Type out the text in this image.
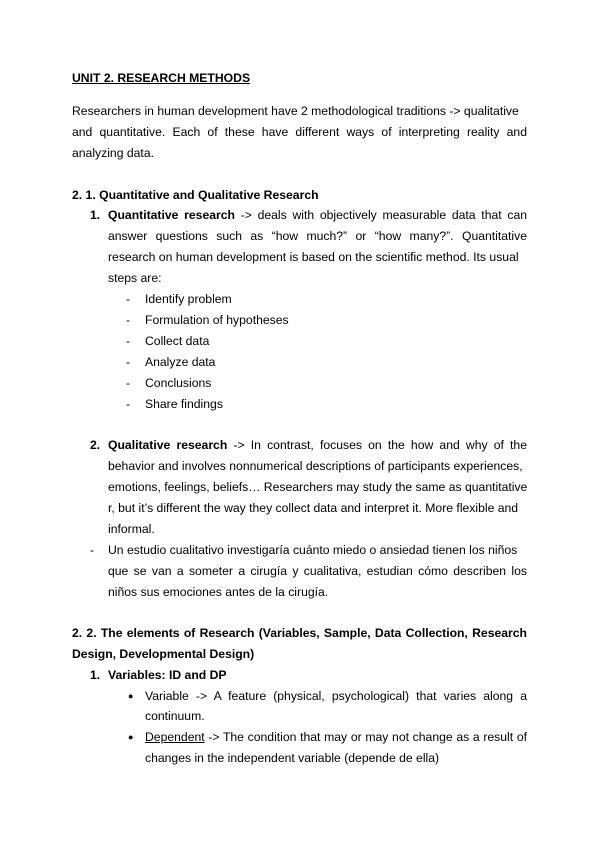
UNIT 2. RESEARCH METHODS
Researchers in human development have 2 methodological traditions -> qualitative
and quantitative. Each of these have different ways of interpreting reality and
analyzing data.
2. 1. Quantitative and Qualitative Research
1. Quantitative research -> deals with objectively measurable data that can
answer questions such as “how much?” or “how many?”. Quantitative
research on human development is based on the scientific method. Its usual
steps are:
- Identify problem
- Formulation of hypotheses
- Collect data
- Analyze data
- Conclusions
- Share findings
2. Qualitative research -> In contrast, focuses on the how and why of the
behavior and involves nonnumerical descriptions of participants experiences,
emotions, feelings, beliefs… Researchers may study the same as quantitative
r, but it’s different the way they collect data and interpret it. More flexible and
informal.
- Un estudio cualitativo investigaría cuánto miedo o ansiedad tienen los niños
que se van a someter a cirugía y cualitativa, estudian cómo describen los
niños sus emociones antes de la cirugía.
2. 2. The elements of Research (Variables, Sample, Data Collection, Research
Design, Developmental Design)
1. Variables: ID and DP
● Variable -> A feature (physical, psychological) that varies along a
continuum.
● Dependent -> The condition that may or may not change as a result of
changes in the independent variable (depende de ella)
